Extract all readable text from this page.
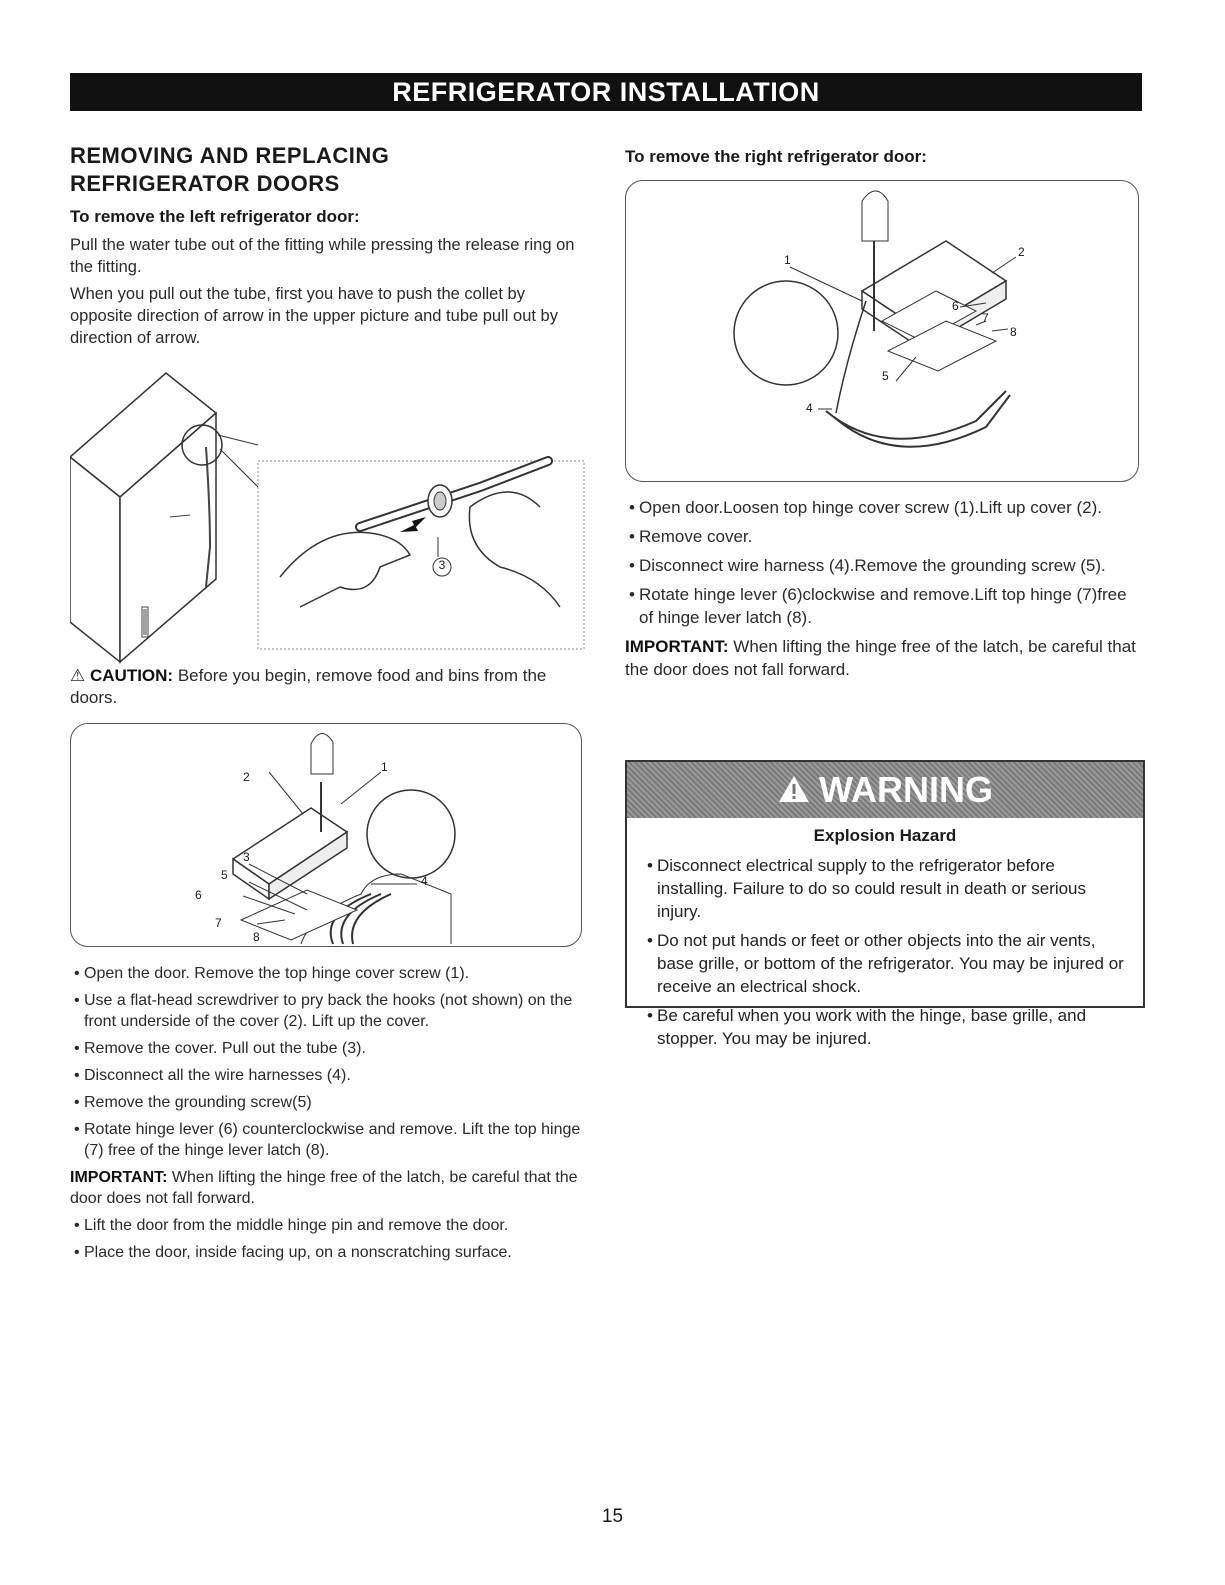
REFRIGERATOR INSTALLATION
REMOVING AND REPLACING
REFRIGERATOR DOORS
To remove the left refrigerator door:

Pull the water tube out of the fitting while pressing the release ring on the fitting.

When you pull out the tube, first you have to push the collet by opposite direction of arrow in the upper picture and tube pull out by direction of arrow.

3
⚠ CAUTION: Before you begin, remove food and bins from the doors.
1
2
3
4
5
6
7
8
• Open the door. Remove the top hinge cover screw (1).
• Use a flat-head screwdriver to pry back the hooks (not shown) on the front underside of the cover (2). Lift up the cover.
• Remove the cover. Pull out the tube (3).
• Disconnect all the wire harnesses (4).
• Remove the grounding screw(5)
• Rotate hinge lever (6) counterclockwise and remove. Lift the top hinge (7) free of the hinge lever latch (8).

IMPORTANT: When lifting the hinge free of the latch, be careful that the door does not fall forward.

• Lift the door from the middle hinge pin and remove the door.
• Place the door, inside facing up, on a nonscratching surface.
To remove the right refrigerator door:
1
2
4
5
6
7
8
• Open door.Loosen top hinge cover screw (1).Lift up cover (2).
• Remove cover.
• Disconnect wire harness (4).Remove the grounding screw (5).
• Rotate hinge lever (6)clockwise and remove.Lift top hinge (7)free of hinge lever latch (8).

IMPORTANT: When lifting the hinge free of the latch, be careful that the door does not fall forward.

WARNING
Explosion Hazard
• Disconnect electrical supply to the refrigerator before installing. Failure to do so could result in death or serious injury.
• Do not put hands or feet or other objects into the air vents, base grille, or bottom of the refrigerator. You may be injured or receive an electrical shock.
• Be careful when you work with the hinge, base grille, and stopper. You may be injured.
15
